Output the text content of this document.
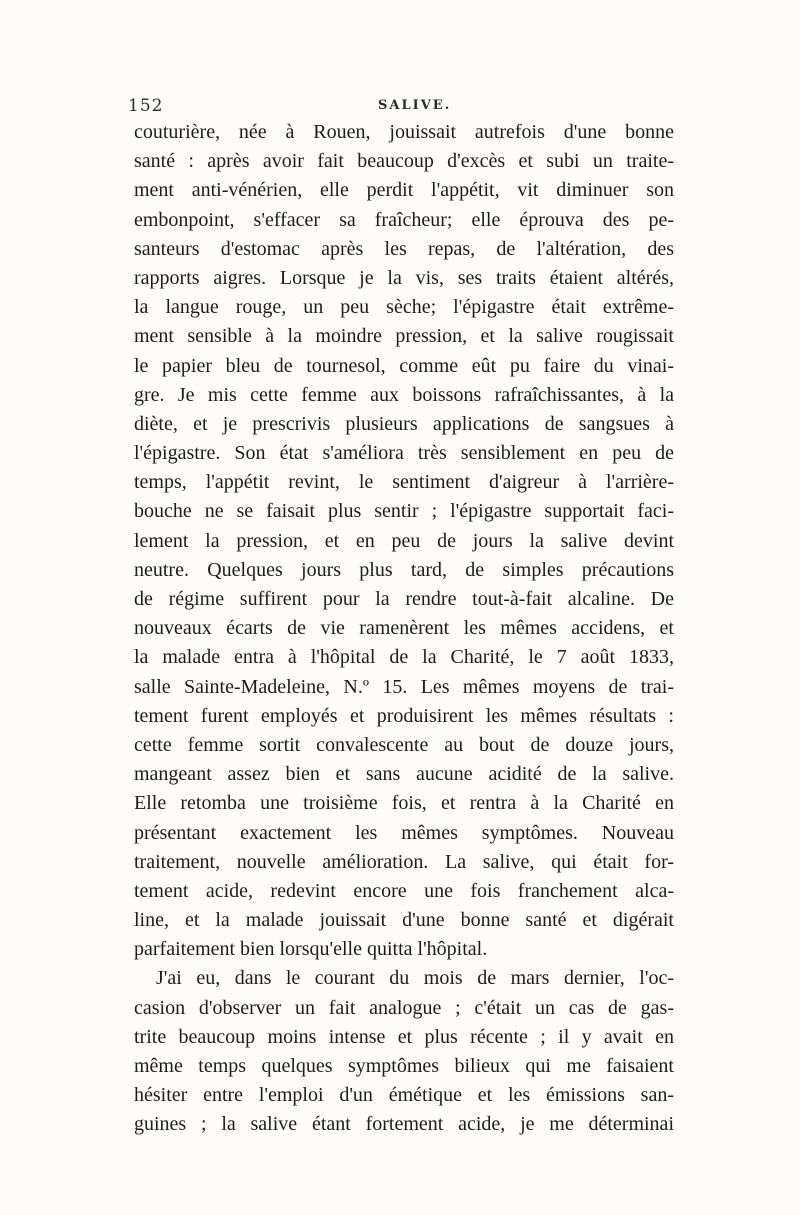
152	SALIVE.
couturière, née à Rouen, jouissait autrefois d'une bonne
santé : après avoir fait beaucoup d'excès et subi un traite-
ment anti-vénérien, elle perdit l'appétit, vit diminuer son
embonpoint, s'effacer sa fraîcheur; elle éprouva des pe-
santeurs d'estomac après les repas, de l'altération, des
rapports aigres. Lorsque je la vis, ses traits étaient altérés,
la langue rouge, un peu sèche; l'épigastre était extrême-
ment sensible à la moindre pression, et la salive rougissait
le papier bleu de tournesol, comme eût pu faire du vinai-
gre. Je mis cette femme aux boissons rafraîchissantes, à la
diète, et je prescrivis plusieurs applications de sangsues à
l'épigastre. Son état s'améliora très sensiblement en peu de
temps, l'appétit revint, le sentiment d'aigreur à l'arrière-
bouche ne se faisait plus sentir ; l'épigastre supportait faci-
lement la pression, et en peu de jours la salive devint
neutre. Quelques jours plus tard, de simples précautions
de régime suffirent pour la rendre tout-à-fait alcaline. De
nouveaux écarts de vie ramenèrent les mêmes accidens, et
la malade entra à l'hôpital de la Charité, le 7 août 1833,
salle Sainte-Madeleine, N.º 15. Les mêmes moyens de trai-
tement furent employés et produisirent les mêmes résultats :
cette femme sortit convalescente au bout de douze jours,
mangeant assez bien et sans aucune acidité de la salive.
Elle retomba une troisième fois, et rentra à la Charité en
présentant exactement les mêmes symptômes. Nouveau
traitement, nouvelle amélioration. La salive, qui était for-
tement acide, redevint encore une fois franchement alca-
line, et la malade jouissait d'une bonne santé et digérait
parfaitement bien lorsqu'elle quitta l'hôpital.
J'ai eu, dans le courant du mois de mars dernier, l'oc-
casion d'observer un fait analogue ; c'était un cas de gas-
trite beaucoup moins intense et plus récente ; il y avait en
même temps quelques symptômes bilieux qui me faisaient
hésiter entre l'emploi d'un émétique et les émissions san-
guines ; la salive étant fortement acide, je me déterminai
